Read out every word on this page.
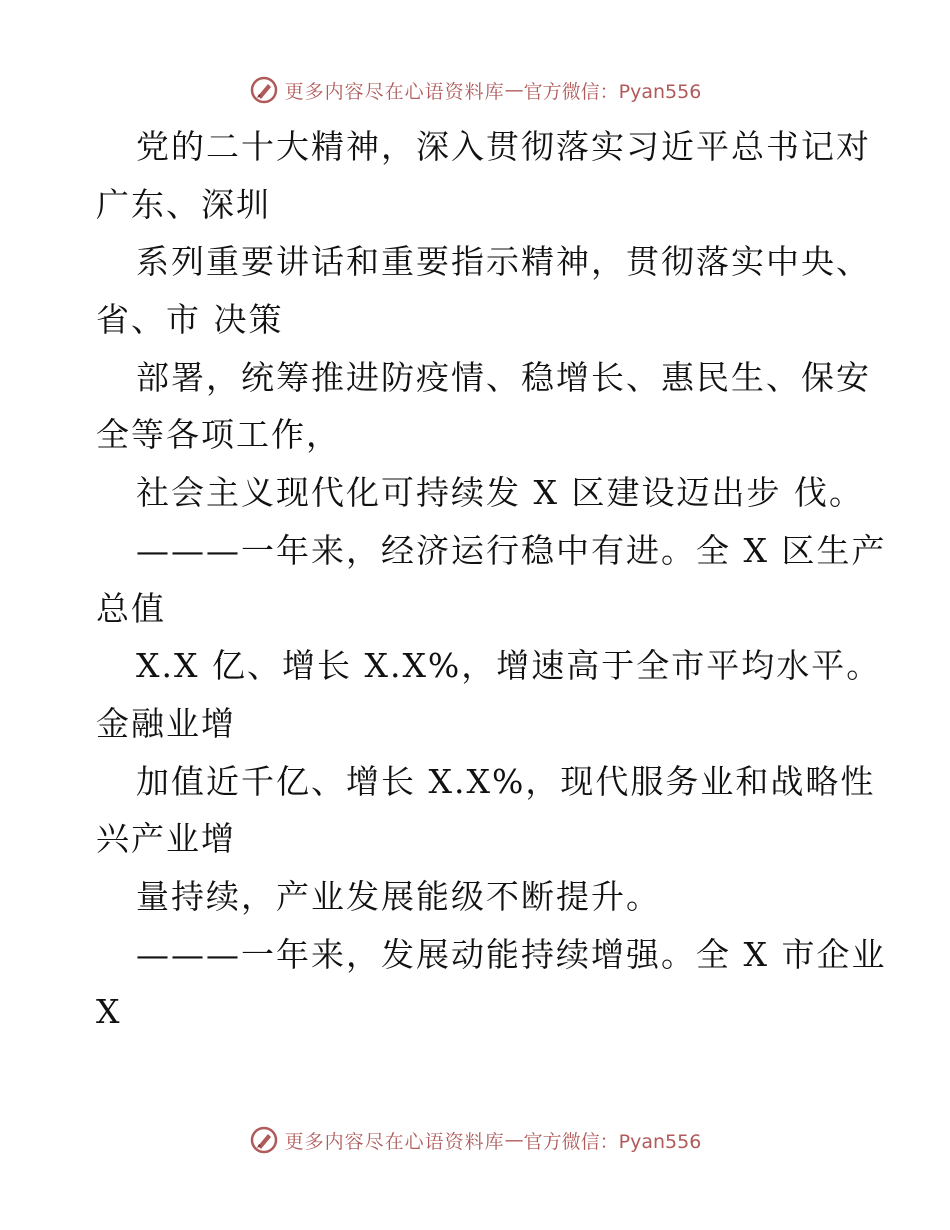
更多内容尽在心语资料库 — 官方微信：Pyan556
党的二十大精神，深入贯彻落实习近平总书记对
广东、深圳
系列重要讲话和重要指示精神，贯彻落实中央、
省、市 决策
部署，统筹推进防疫情、稳增长、惠民生、保安
全等各项工作，
社会主义现代化可持续发 X 区建设迈出步 伐。
———一年来，经济运行稳中有进。全 X 区生产
总值
X.X 亿、增长 X.X%，增速高于全市平均水平。
金融业增
加值近千亿、增长 X.X%，现代服务业和战略性
兴产业增
量持续，产业发展能级不断提升。
———一年来，发展动能持续增强。全 X 市企业
X
更多内容尽在心语资料库 — 官方微信：Pyan556
